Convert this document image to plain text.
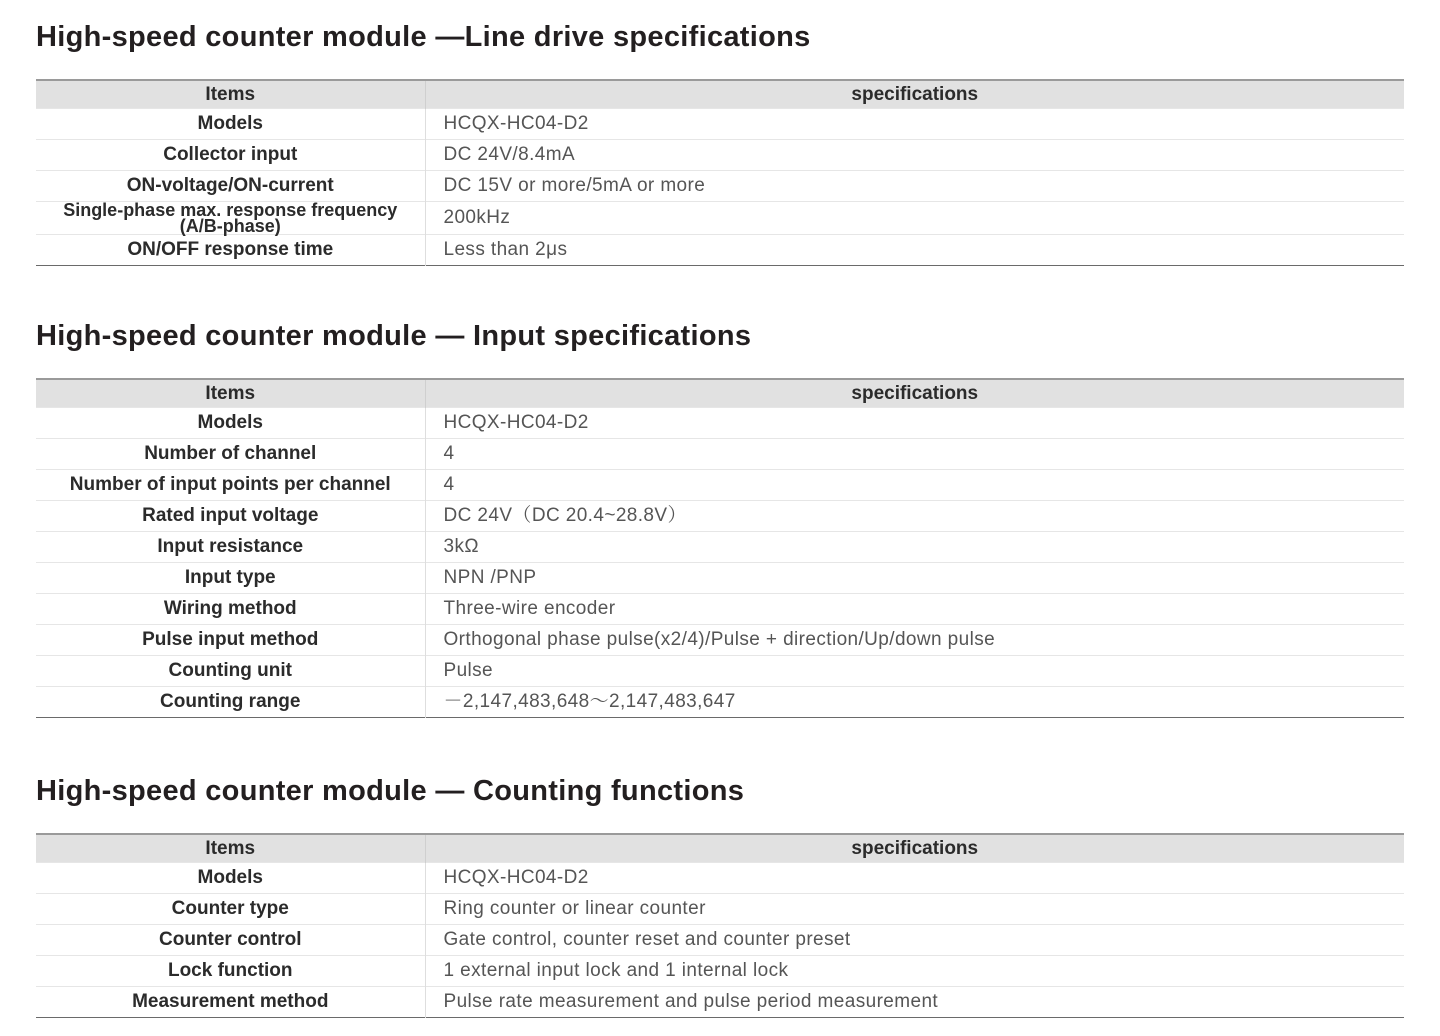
High-speed counter module —Line drive specifications
Items	specifications
Models	HCQX-HC04-D2
Collector input	DC 24V/8.4mA
ON-voltage/ON-current	DC 15V or more/5mA or more

Single-phase max. response frequency
(A/B-phase)	200kHz
ON/OFF response time	Less than 2μs
High-speed counter module — Input specifications
Items	specifications
Models	HCQX-HC04-D2
Number of channel	4
Number of input points per channel	4
Rated input voltage	DC 24V（DC 20.4~28.8V）
Input resistance	3kΩ
Input type	NPN /PNP
Wiring method	Three-wire encoder
Pulse input method	Orthogonal phase pulse(x2/4)/Pulse + direction/Up/down pulse
Counting unit	Pulse
Counting range	－2,147,483,648～2,147,483,647
High-speed counter module — Counting functions
Items	specifications
Models	HCQX-HC04-D2
Counter type	Ring counter or linear counter
Counter control	Gate control, counter reset and counter preset
Lock function	1 external input lock and 1 internal lock
Measurement method	Pulse rate measurement and pulse period measurement
